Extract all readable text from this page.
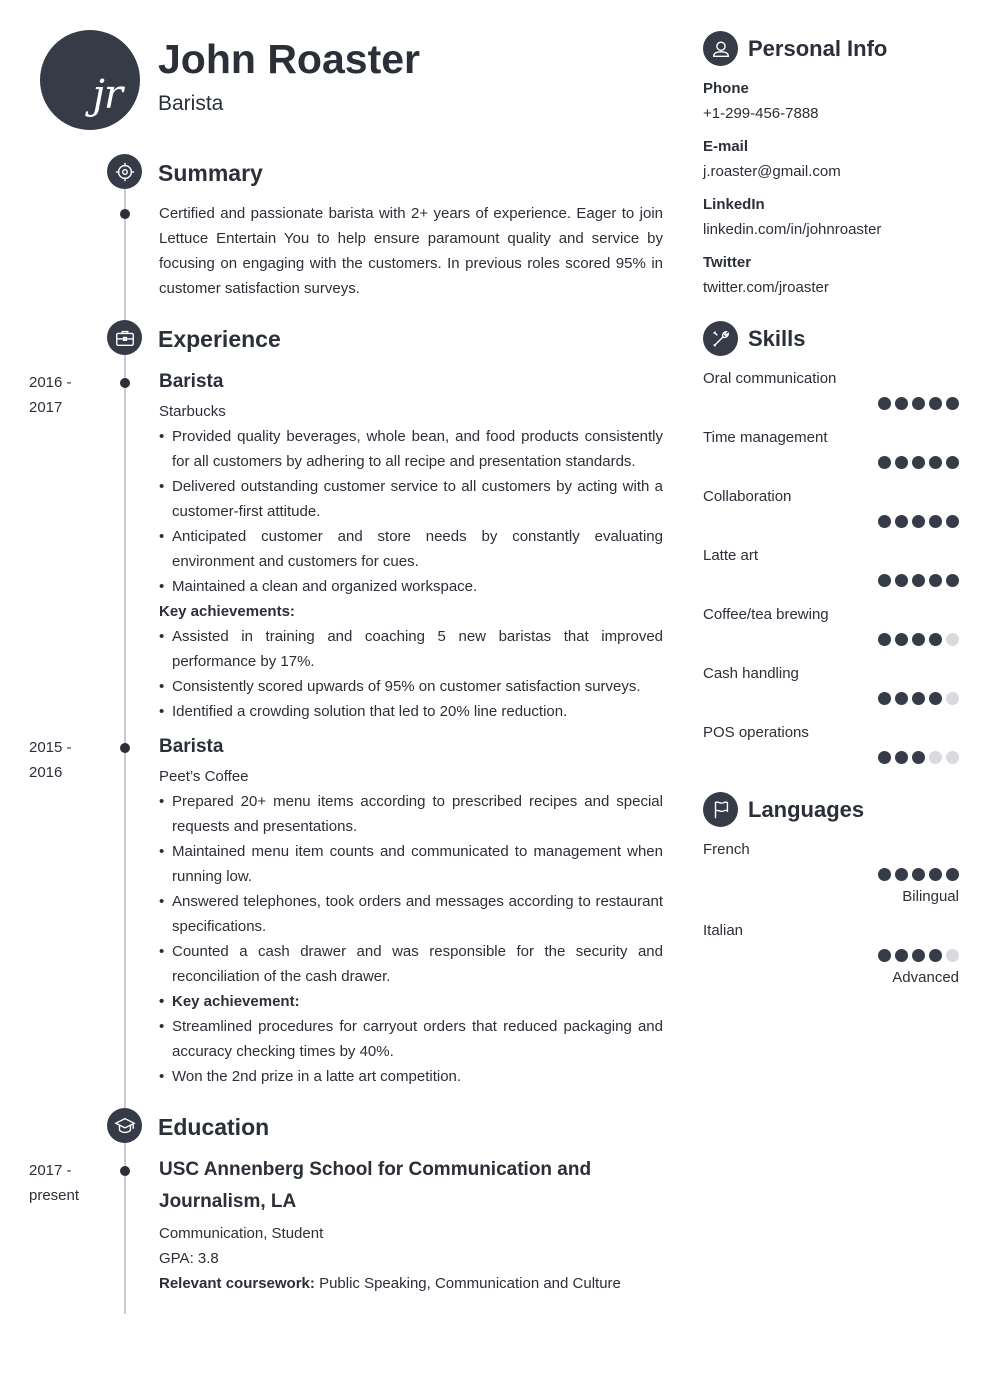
jr
John Roaster
Barista
Summary
Certified and passionate barista with 2+ years of experience. Eager to join Lettuce Entertain You to help ensure paramount quality and service by focusing on engaging with the customers. In previous roles scored 95% in customer satisfaction surveys.
Experience
2016 -
2017
Barista
Starbucks
• Provided quality beverages, whole bean, and food products consistently for all customers by adhering to all recipe and presentation standards.
• Delivered outstanding customer service to all customers by acting with a customer-first attitude.
• Anticipated customer and store needs by constantly evaluating environment and customers for cues.
• Maintained a clean and organized workspace.
Key achievements:
• Assisted in training and coaching 5 new baristas that improved performance by 17%.
• Consistently scored upwards of 95% on customer satisfaction surveys.
• Identified a crowding solution that led to 20% line reduction.
2015 -
2016
Barista
Peet’s Coffee
• Prepared 20+ menu items according to prescribed recipes and special requests and presentations.
• Maintained menu item counts and communicated to management when running low.
• Answered telephones, took orders and messages according to restaurant specifications.
• Counted a cash drawer and was responsible for the security and reconciliation of the cash drawer.
• Key achievement:
• Streamlined procedures for carryout orders that reduced packaging and accuracy checking times by 40%.
• Won the 2nd prize in a latte art competition.
Education
2017 -
present
USC Annenberg School for Communication and Journalism, LA
Communication, Student
GPA: 3.8
Relevant coursework: Public Speaking, Communication and Culture
Personal Info
Phone
+1-299-456-7888
E-mail
j.roaster@gmail.com
LinkedIn
linkedin.com/in/johnroaster
Twitter
twitter.com/jroaster
Skills
Oral communication
Time management
Collaboration
Latte art
Coffee/tea brewing
Cash handling
POS operations
Languages
French
Bilingual
Italian
Advanced
